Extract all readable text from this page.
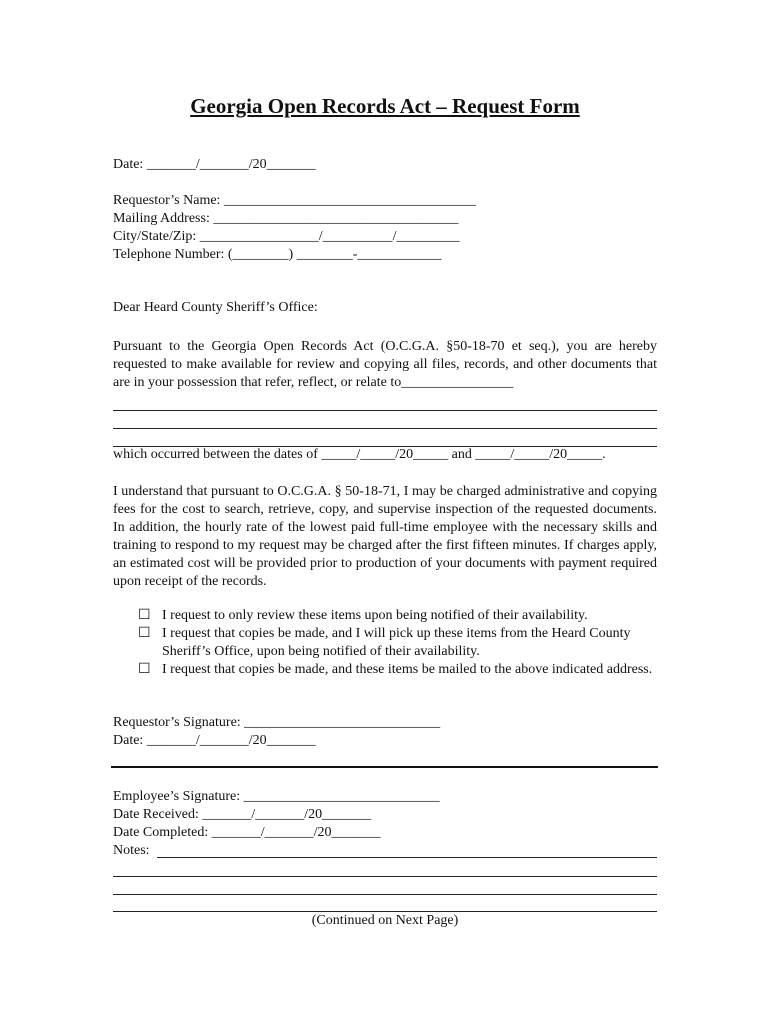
Georgia Open Records Act – Request Form
Date: _______/_______/20_______
Requestor’s Name: ____________________________________
Mailing Address: ___________________________________
City/State/Zip: _________________/__________/_________
Telephone Number: (________) ________-____________
Dear Heard County Sheriff’s Office:
Pursuant to the Georgia Open Records Act (O.C.G.A. §50-18-70 et seq.), you are hereby requested to make available for review and copying all files, records, and other documents that are in your possession that refer, reflect, or relate to________________
which occurred between the dates of _____/_____/20_____ and _____/_____/20_____.
I understand that pursuant to O.C.G.A. § 50-18-71, I may be charged administrative and copying fees for the cost to search, retrieve, copy, and supervise inspection of the requested documents. In addition, the hourly rate of the lowest paid full-time employee with the necessary skills and training to respond to my request may be charged after the first fifteen minutes. If charges apply, an estimated cost will be provided prior to production of your documents with payment required upon receipt of the records.
☐ I request to only review these items upon being notified of their availability.
☐ I request that copies be made, and I will pick up these items from the Heard County Sheriff’s Office, upon being notified of their availability.
☐ I request that copies be made, and these items be mailed to the above indicated address.
Requestor’s Signature: ____________________________
Date: _______/_______/20_______
Employee’s Signature: ____________________________
Date Received: _______/_______/20_______
Date Completed: _______/_______/20_______
Notes:
(Continued on Next Page)
